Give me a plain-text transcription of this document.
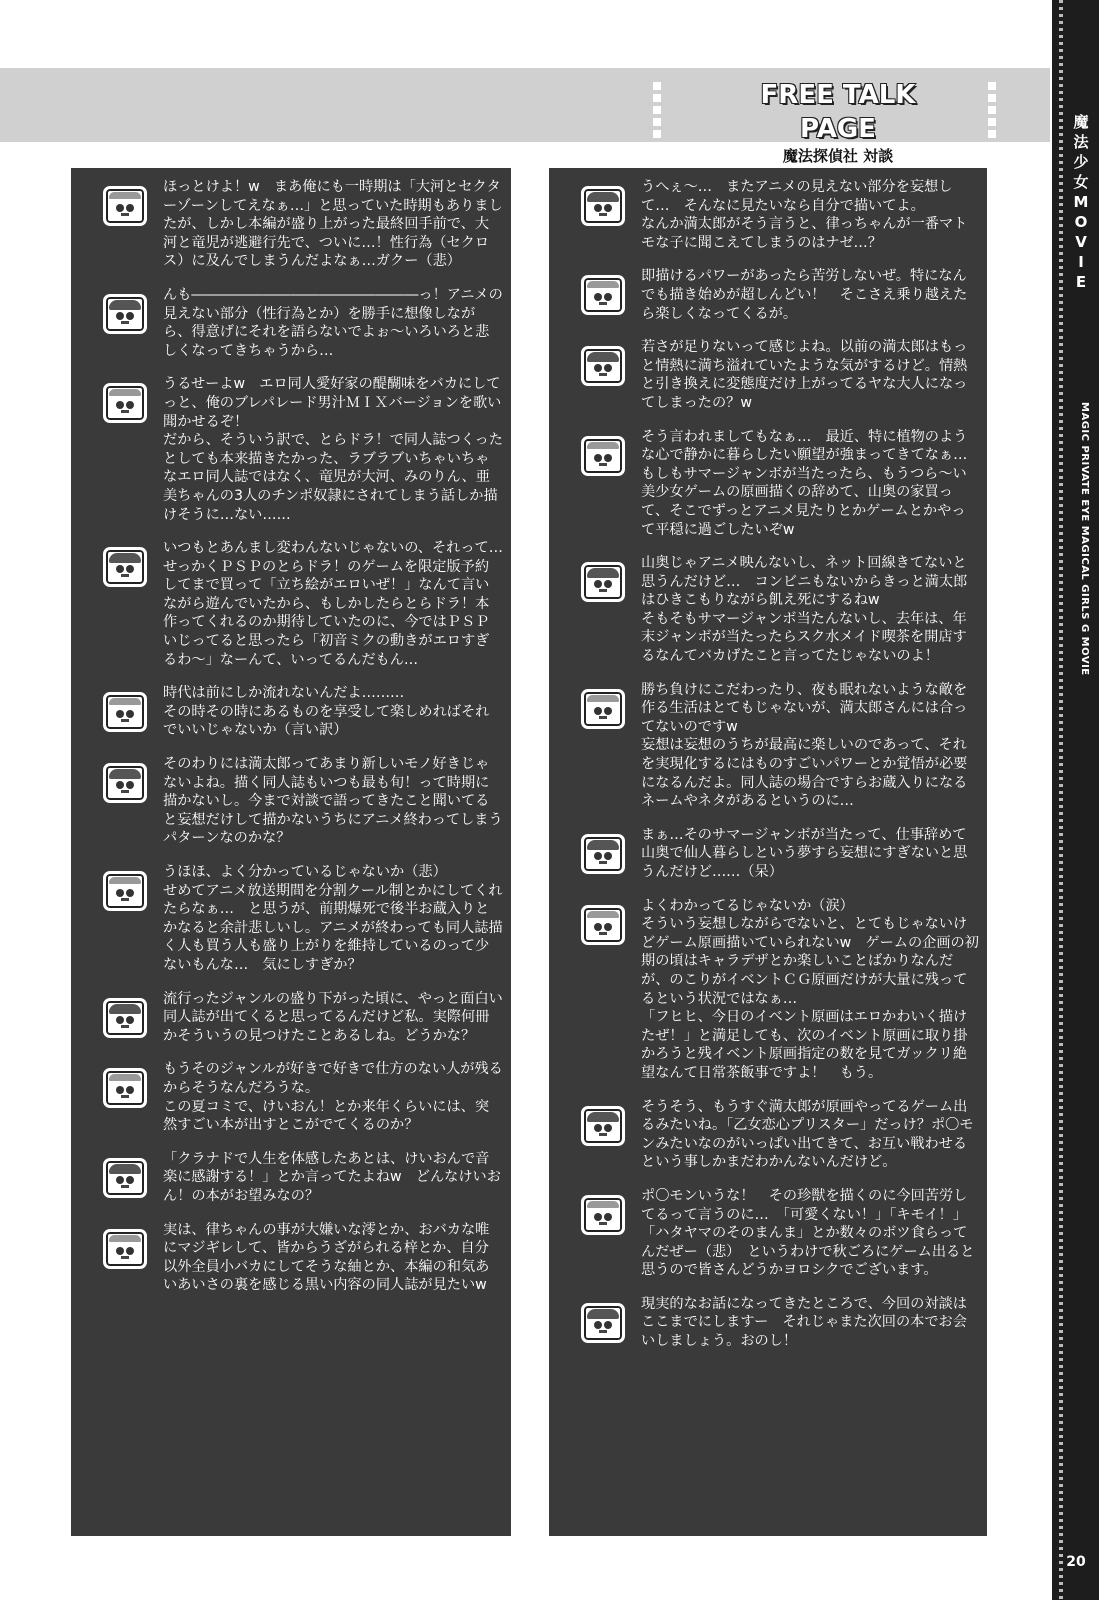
FREE TALK PAGE
魔法探偵社 対談
魔
法
少
女
M
O
V
I
E
MAGIC PRIVATE EYE MAGICAL GIRLS G MOVIE
20
ほっとけよ！w　まあ俺にも一時期は「大河とセクターゾーンしてえなぁ…」と思っていた時期もありましたが、しかし本編が盛り上がった最終回手前で、大河と竜児が逃避行先で、ついに…！性行為（セクロス）に及んでしまうんだよなぁ…ガクー（悲）
んも――――――――――――――――っ！アニメの見えない部分（性行為とか）を勝手に想像しながら、得意げにそれを語らないでよぉ～いろいろと悲しくなってきちゃうから…
うるせーよw　エロ同人愛好家の醍醐味をバカにしてっと、俺のブレパレード男汁ＭＩＸバージョンを歌い聞かせるぞ！
だから、そういう訳で、とらドラ！で同人誌つくったとしても本来描きたかった、ラブラブいちゃいちゃなエロ同人誌ではなく、竜児が大河、みのりん、亜美ちゃんの3人のチンポ奴隷にされてしまう話しか描けそうに…ない……
いつもとあんまし変わんないじゃないの、それって…　せっかくＰＳＰのとらドラ！のゲームを限定版予約してまで買って「立ち絵がエロいぜ！」なんて言いながら遊んでいたから、もしかしたらとらドラ！本作ってくれるのか期待していたのに、今ではＰＳＰいじってると思ったら「初音ミクの動きがエロすぎるわ～」なーんて、いってるんだもん…
時代は前にしか流れないんだよ………
その時その時にあるものを享受して楽しめればそれでいいじゃないか（言い訳）
そのわりには満太郎ってあまり新しいモノ好きじゃないよね。描く同人誌もいつも最も旬！って時期に描かないし。今まで対談で語ってきたこと聞いてると妄想だけして描かないうちにアニメ終わってしまうパターンなのかな？
うほほ、よく分かっているじゃないか（悲）
せめてアニメ放送期間を分割クール制とかにしてくれたらなぁ…　と思うが、前期爆死で後半お蔵入りとかなると余計悲しいし。アニメが終わっても同人誌描く人も買う人も盛り上がりを維持しているのって少ないもんな…　気にしすぎか？
流行ったジャンルの盛り下がった頃に、やっと面白い同人誌が出てくると思ってるんだけど私。実際何冊かそういうの見つけたことあるしね。どうかな？
もうそのジャンルが好きで好きで仕方のない人が残るからそうなんだろうな。
この夏コミで、けいおん！とか来年くらいには、突然すごい本が出すとこがでてくるのか？
「クラナドで人生を体感したあとは、けいおんで音楽に感謝する！」とか言ってたよねw　どんなけいおん！の本がお望みなの？
実は、律ちゃんの事が大嫌いな澪とか、おバカな唯にマジギレして、皆からうざがられる梓とか、自分以外全員小バカにしてそうな紬とか、本編の和気あいあいさの裏を感じる黒い内容の同人誌が見たいw
うへぇ～…　またアニメの見えない部分を妄想して…　そんなに見たいなら自分で描いてよ。
なんか満太郎がそう言うと、律っちゃんが一番マトモな子に聞こえてしまうのはナゼ…？
即描けるパワーがあったら苦労しないぜ。特になんでも描き始めが超しんどい！　そこさえ乗り越えたら楽しくなってくるが。
若さが足りないって感じよね。以前の満太郎はもっと情熱に満ち溢れていたような気がするけど。情熱と引き換えに変態度だけ上がってるヤな大人になってしまったの？w
そう言われましてもなぁ…　最近、特に植物のような心で静かに暮らしたい願望が強まってきてなぁ…　もしもサマージャンボが当たったら、もうつら～い美少女ゲームの原画描くの辞めて、山奥の家買って、そこでずっとアニメ見たりとかゲームとかやって平穏に過ごしたいぞw
山奥じゃアニメ映んないし、ネット回線きてないと思うんだけど…　コンビニもないからきっと満太郎はひきこもりながら飢え死にするねw
そもそもサマージャンボ当たんないし、去年は、年末ジャンボが当たったらスク水メイド喫茶を開店するなんてバカげたこと言ってたじゃないのよ！
勝ち負けにこだわったり、夜も眠れないような敵を作る生活はとてもじゃないが、満太郎さんには合ってないのですw
妄想は妄想のうちが最高に楽しいのであって、それを実現化するにはものすごいパワーとか覚悟が必要になるんだよ。同人誌の場合ですらお蔵入りになるネームやネタがあるというのに…
まぁ…そのサマージャンボが当たって、仕事辞めて山奥で仙人暮らしという夢すら妄想にすぎないと思うんだけど……（呆）
よくわかってるじゃないか（涙）
そういう妄想しながらでないと、とてもじゃないけどゲーム原画描いていられないw　ゲームの企画の初期の頃はキャラデザとか楽しいことばかりなんだが、のこりがイベントＣＧ原画だけが大量に残ってるという状況ではなぁ…
「フヒヒ、今日のイベント原画はエロかわいく描けたぜ！」と満足しても、次のイベント原画に取り掛かろうと残イベント原画指定の数を見てガックリ絶望なんて日常茶飯事ですよ！　もう。
そうそう、もうすぐ満太郎が原画やってるゲーム出るみたいね。「乙女恋心プリスター」だっけ？ポ〇モンみたいなのがいっぱい出てきて、お互い戦わせるという事しかまだわかんないんだけど。
ポ〇モンいうな！　その珍獣を描くのに今回苦労してるって言うのに…　「可愛くない！」「キモイ！」「ハタヤマのそのまんま」とか数々のボツ食らってんだぜー（悲）　というわけで秋ごろにゲーム出ると思うので皆さんどうかヨロシクでございます。
現実的なお話になってきたところで、今回の対談はここまでにしますー　それじゃまた次回の本でお会いしましょう。おのし！
